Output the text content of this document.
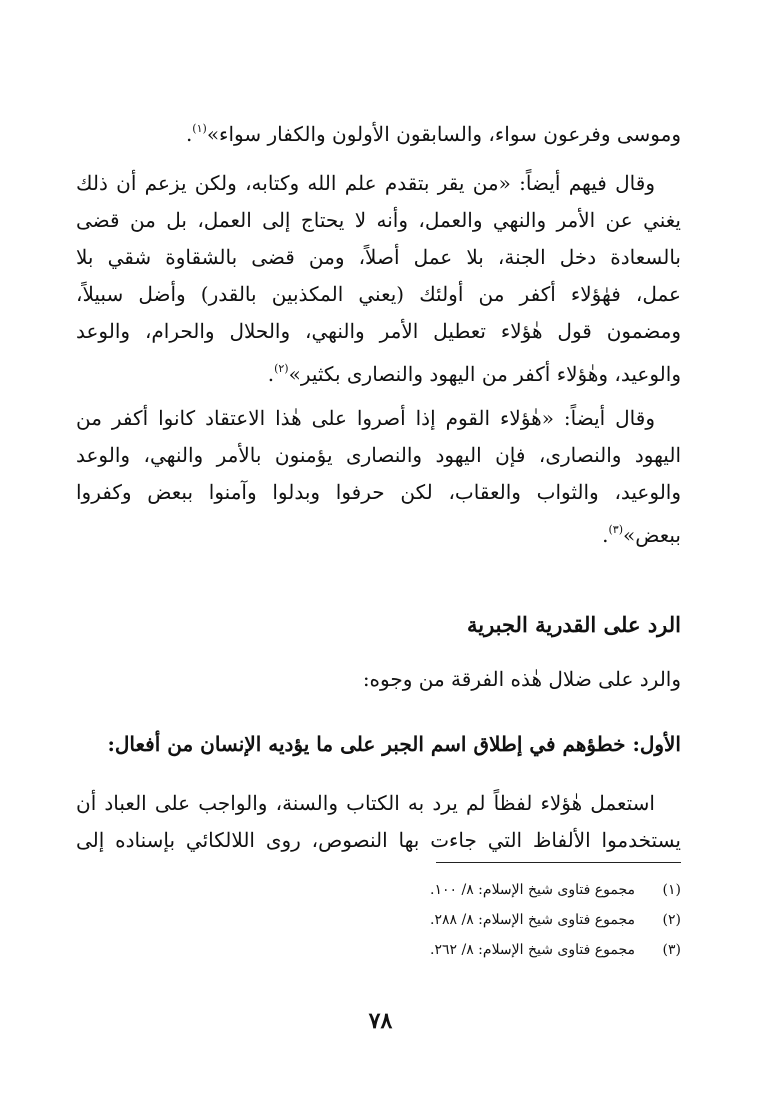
وموسى وفرعون سواء، والسابقون الأولون والكفار سواء»$^{(١)}$.
وقال فيهم أيضاً: «من يقر بتقدم علم الله وكتابه، ولكن يزعم أن ذلك
يغني عن الأمر والنهي والعمل، وأنه لا يحتاج إلى العمل، بل من قضى
بالسعادة دخل الجنة، بلا عمل أصلاً، ومن قضى بالشقاوة شقي بلا
عمل، فهٰؤلاء أكفر من أولئك (يعني المكذبين بالقدر) وأضل سبيلاً،
ومضمون قول هٰؤلاء تعطيل الأمر والنهي، والحلال والحرام، والوعد
والوعيد، وهٰؤلاء أكفر من اليهود والنصارى بكثير»$^{(٢)}$.
وقال أيضاً: «هٰؤلاء القوم إذا أصروا على هٰذا الاعتقاد كانوا أكفر من
اليهود والنصارى، فإن اليهود والنصارى يؤمنون بالأمر والنهي، والوعد
والوعيد، والثواب والعقاب، لكن حرفوا وبدلوا وآمنوا ببعض وكفروا
ببعض»$^{(٣)}$.
الرد على القدرية الجبرية
والرد على ضلال هٰذه الفرقة من وجوه:
الأول: خطؤهم في إطلاق اسم الجبر على ما يؤديه الإنسان من أفعال:
استعمل هٰؤلاء لفظاً لم يرد به الكتاب والسنة، والواجب على العباد أن
يستخدموا الألفاظ التي جاءت بها النصوص، روى اللالكائي بإسناده إلى
(١)مجموع فتاوى شيخ الإسلام: ٨/ ١٠٠.
(٢)مجموع فتاوى شيخ الإسلام: ٨/ ٢٨٨.
(٣)مجموع فتاوى شيخ الإسلام: ٨/ ٢٦٢.
٧٨
